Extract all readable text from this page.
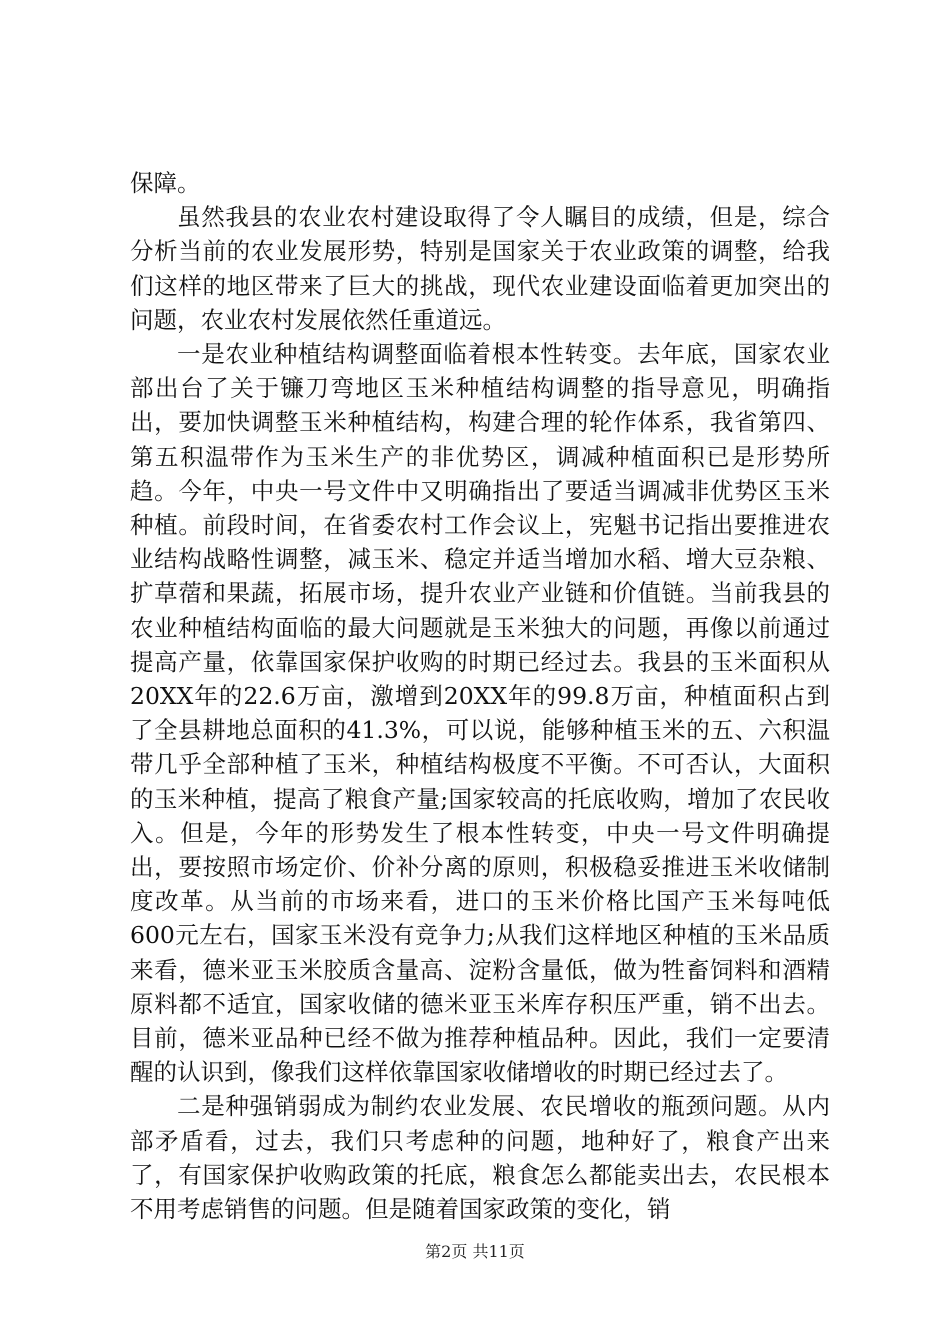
保障。

虽然我县的农业农村建设取得了令人瞩目的成绩，但是，综合分析当前的农业发展形势，特别是国家关于农业政策的调整，给我们这样的地区带来了巨大的挑战，现代农业建设面临着更加突出的问题，农业农村发展依然任重道远。

一是农业种植结构调整面临着根本性转变。去年底，国家农业部出台了关于镰刀弯地区玉米种植结构调整的指导意见，明确指出，要加快调整玉米种植结构，构建合理的轮作体系，我省第四、第五积温带作为玉米生产的非优势区，调减种植面积已是形势所趋。今年，中央一号文件中又明确指出了要适当调减非优势区玉米种植。前段时间，在省委农村工作会议上，宪魁书记指出要推进农业结构战略性调整，减玉米、稳定并适当增加水稻、增大豆杂粮、扩草蓿和果蔬，拓展市场，提升农业产业链和价值链。当前我县的农业种植结构面临的最大问题就是玉米独大的问题，再像以前通过提高产量，依靠国家保护收购的时期已经过去。我县的玉米面积从20XX年的22.6万亩，激增到20XX年的99.8万亩，种植面积占到了全县耕地总面积的41.3%，可以说，能够种植玉米的五、六积温带几乎全部种植了玉米，种植结构极度不平衡。不可否认，大面积的玉米种植，提高了粮食产量;国家较高的托底收购，增加了农民收入。但是，今年的形势发生了根本性转变，中央一号文件明确提出，要按照市场定价、价补分离的原则，积极稳妥推进玉米收储制度改革。从当前的市场来看，进口的玉米价格比国产玉米每吨低600元左右，国家玉米没有竞争力;从我们这样地区种植的玉米品质来看，德米亚玉米胶质含量高、淀粉含量低，做为牲畜饲料和酒精原料都不适宜，国家收储的德米亚玉米库存积压严重，销不出去。目前，德米亚品种已经不做为推荐种植品种。因此，我们一定要清醒的认识到，像我们这样依靠国家收储增收的时期已经过去了。

二是种强销弱成为制约农业发展、农民增收的瓶颈问题。从内部矛盾看，过去，我们只考虑种的问题，地种好了，粮食产出来了，有国家保护收购政策的托底，粮食怎么都能卖出去，农民根本不用考虑销售的问题。但是随着国家政策的变化，销

第2页 共11页
